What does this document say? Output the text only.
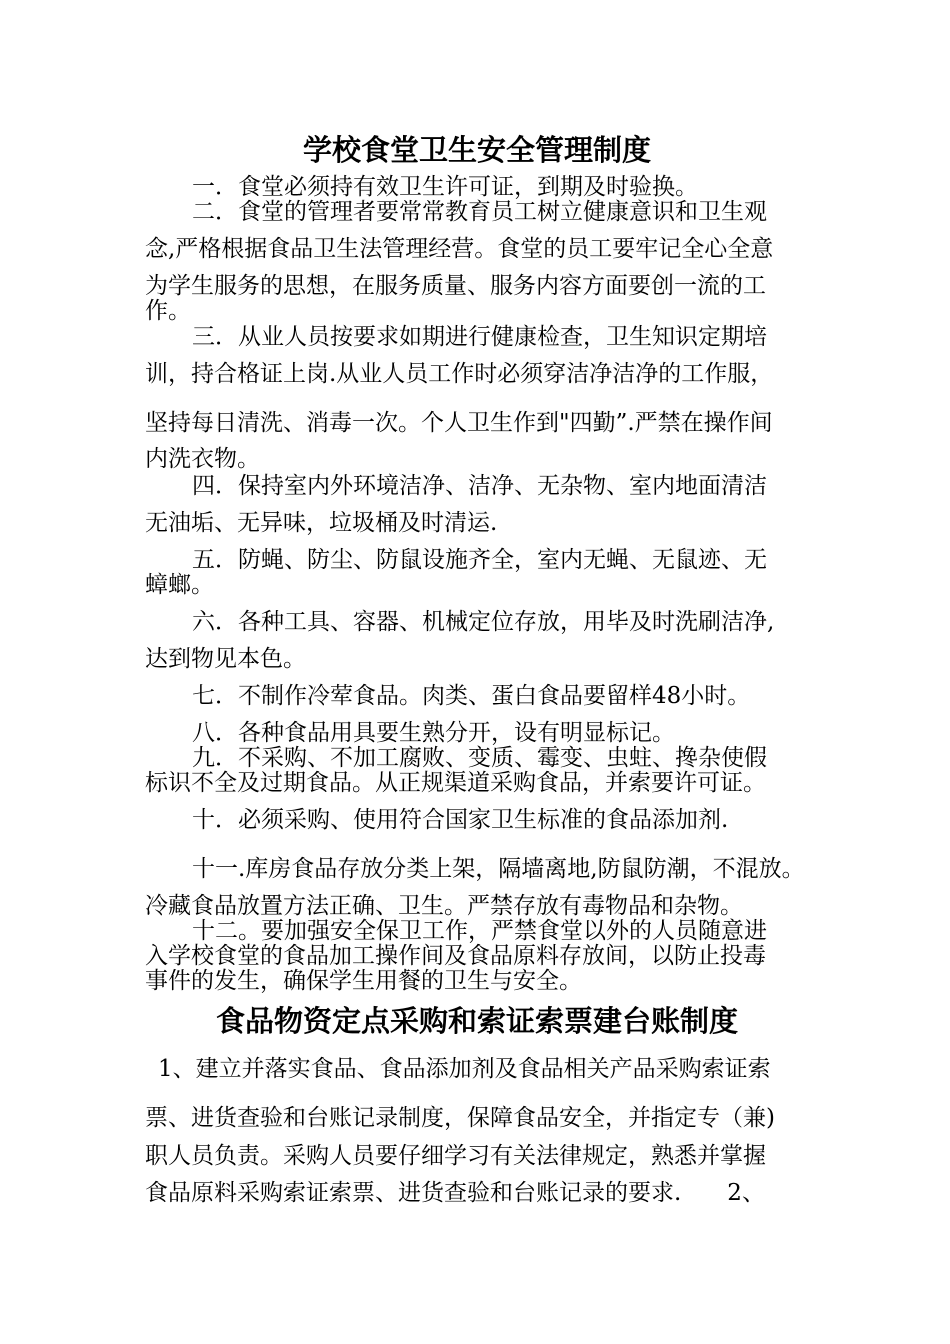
学校食堂卫生安全管理制度

一．食堂必须持有效卫生许可证，到期及时验换。

二．食堂的管理者要常常教育员工树立健康意识和卫生观

念,严格根据食品卫生法管理经营。食堂的员工要牢记全心全意

为学生服务的思想，在服务质量、服务内容方面要创一流的工

作。

三．从业人员按要求如期进行健康检查，卫生知识定期培

训，持合格证上岗.从业人员工作时必须穿洁净洁净的工作服，

坚持每日清洗、消毒一次。个人卫生作到"四勤”.严禁在操作间

内洗衣物。

四．保持室内外环境洁净、洁净、无杂物、室内地面清洁

无油垢、无异味，垃圾桶及时清运.

五．防蝇、防尘、防鼠设施齐全，室内无蝇、无鼠迹、无

蟑螂。

六．各种工具、容器、机械定位存放，用毕及时洗刷洁净,

达到物见本色。

七．不制作冷荤食品。肉类、蛋白食品要留样48小时。

八．各种食品用具要生熟分开，设有明显标记。

九．不采购、不加工腐败、变质、霉变、虫蛀、搀杂使假

标识不全及过期食品。从正规渠道采购食品，并索要许可证。

十．必须采购、使用符合国家卫生标准的食品添加剂.

十一.库房食品存放分类上架，隔墙离地,防鼠防潮，不混放。

冷藏食品放置方法正确、卫生。严禁存放有毒物品和杂物。

十二。要加强安全保卫工作，严禁食堂以外的人员随意进

入学校食堂的食品加工操作间及食品原料存放间，以防止投毒

事件的发生，确保学生用餐的卫生与安全。

食品物资定点采购和索证索票建台账制度

1、建立并落实食品、食品添加剂及食品相关产品采购索证索

票、进货查验和台账记录制度，保障食品安全，并指定专（兼)

职人员负责。采购人员要仔细学习有关法律规定，熟悉并掌握

食品原料采购索证索票、进货查验和台账记录的要求.　　2、
